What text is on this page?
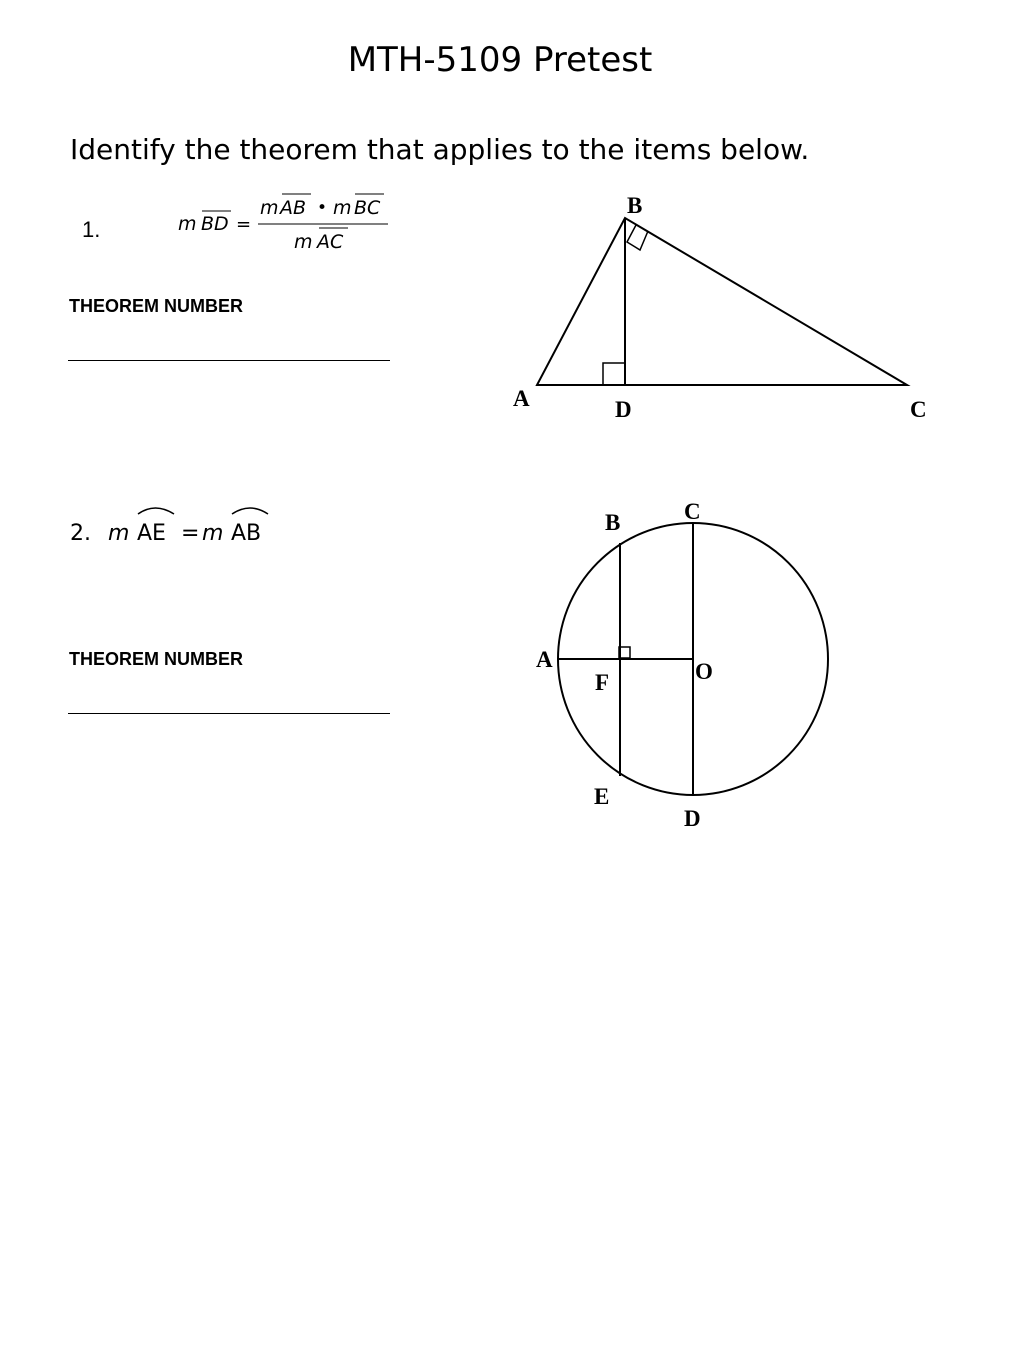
MTH-5109 Pretest
Identify the theorem that applies to the items below.
1.	m BD =
m AB • m BC
m AC
THEOREM NUMBER
B
A	D	C
2. m AE = m AB
THEOREM NUMBER
B	C
A
F	O
E
D
